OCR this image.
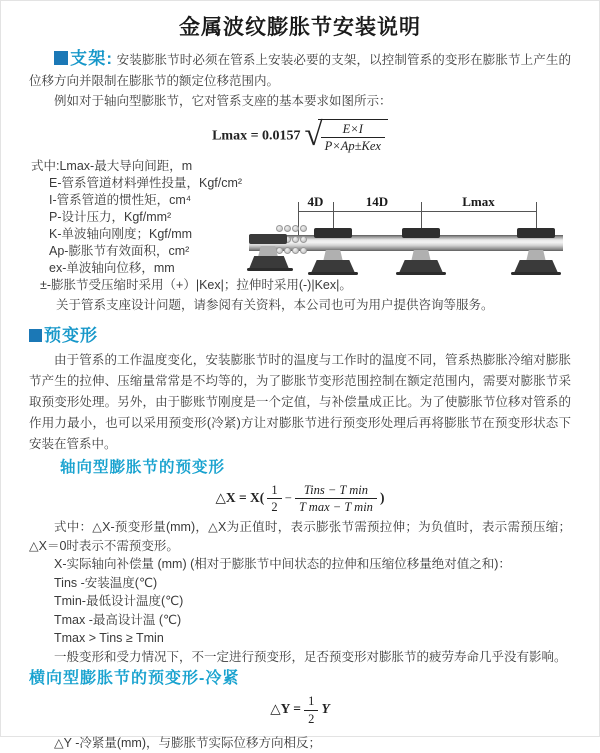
金属波纹膨胀节安装说明

支架: 安装膨胀节时必须在管系上安装必要的支架，以控制管系的变形在膨胀节上产生的位移方向并限制在膨胀节的额定位移范围内。

例如对于轴向型膨胀节，它对管系支座的基本要求如图所示：

Lmax = 0.0157 √
$\frac{E\times I}{\text{P×Ap±Kex}}$
式中:Lmax-最大导向间距，m
E-管系管道材料弹性投量，Kgf/cm²
I-管系管道的惯性矩，cm⁴
P-设计压力，Kgf/mm²
K-单波轴向刚度；Kgf/mm
Ap-膨胀节有效面积，cm²
ex-单波轴向位移，mm
±-膨胀节受压缩时采用（+）|Kex|；拉伸时采用(-)|Kex|。
关于管系支座设计问题，请参阅有关资料，本公司也可为用户提供咨询等服务。
4D	14D	Lmax
预变形

由于管系的工作温度变化，安装膨胀节时的温度与工作时的温度不同，管系热膨胀冷缩对膨胀节产生的拉伸、压缩量常常是不均等的，为了膨胀节变形范围控制在额定范围内，需要对膨胀节采取预变形处理。另外，由于膨账节刚度是一个定值，与补偿量成正比。为了使膨胀节位移对管系的作用力最小，也可以采用预变形(冷紧)方让对膨胀节进行预变形处理后再将膨胀节在预变形状态下安装在管系中。

轴向型膨胀节的预变形
△X = $X( \frac{1}{2} - \frac{\text{Tins − T min}}{\text{T max − T min}}$ )
式中：△X-预变形量(mm)，△X为正值时，表示膨张节需预拉伸；为负值时，表示需预压缩；△X＝0时表示不需预变形。
X-实际轴向补偿量 (mm) (相对于膨胀节中间状态的拉伸和压缩位移量绝对值之和)：
Tins -安装温度(℃)
Tmin-最低设计温度(℃)
Tmax -最高设计温 (℃)
Tmax > Tins ≥ Tmin
一般变形和受力情况下，不一定进行预变形，足否预变形对膨胀节的疲劳寿命几乎没有影响。
横向型膨胀节的预变形-冷紧
△Y = $\frac{1}{2}$ Y

△Y -冷紧量(mm)，与膨胀节实际位移方向相反；
